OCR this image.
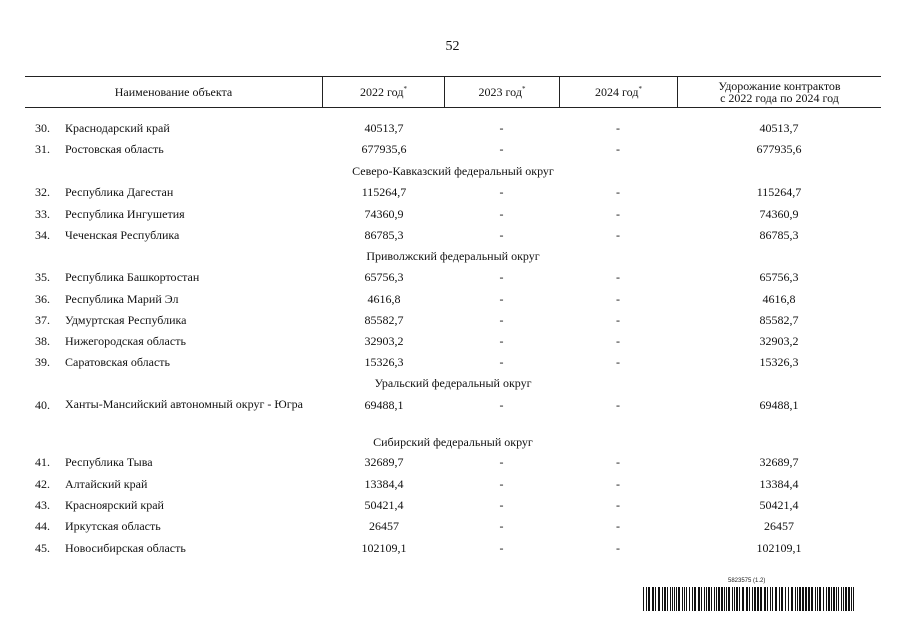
52
Наименование объекта	2022 год*	2023 год*	2024 год*	Удорожание контрактов
с 2022 года по 2024 год
30. Краснодарский край	40513,7	-	-	40513,7
31. Ростовская область	677935,6	-	-	677935,6
Северо-Кавказский федеральный округ
32. Республика Дагестан	115264,7	-	-	115264,7
33. Республика Ингушетия	74360,9	-	-	74360,9
34. Чеченская Республика	86785,3	-	-	86785,3
Приволжский федеральный округ
35. Республика Башкортостан	65756,3	-	-	65756,3
36. Республика Марий Эл	4616,8	-	-	4616,8
37. Удмуртская Республика	85582,7	-	-	85582,7
38. Нижегородская область	32903,2	-	-	32903,2
39. Саратовская область	15326,3	-	-	15326,3
Уральский федеральный округ
40. Ханты-Мансийский автономный округ - Югра	69488,1	-	-	69488,1
Сибирский федеральный округ
41. Республика Тыва	32689,7	-	-	32689,7
42. Алтайский край	13384,4	-	-	13384,4
43. Красноярский край	50421,4	-	-	50421,4
44. Иркутская область	26457	-	-	26457
45. Новосибирская область	102109,1	-	-	102109,1
5823575 (1.2)
